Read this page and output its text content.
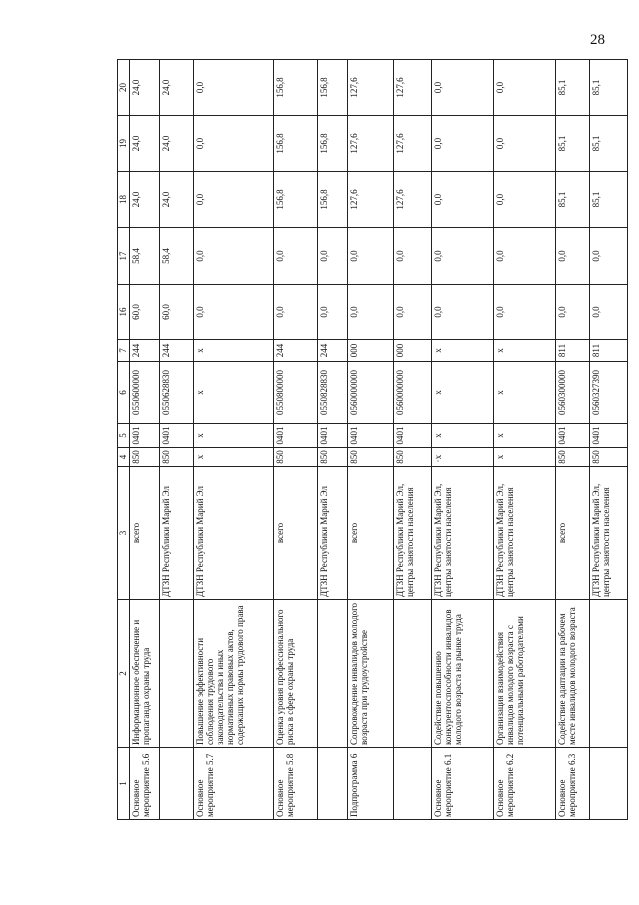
28
1	2	3	4	5	6	7	16	17	18	19	20
Основное мероприятие 5.6	Информационное обеспечение и пропаганда охраны труда	всего	850	0401	0550600000	244	60,0	58,4	24,0	24,0	24,0
		ДТЗН Республики Марий Эл	850	0401	0550628830	244	60,0	58,4	24,0	24,0	24,0
Основное мероприятие 5.7	Повышение эффективности соблюдения трудового законодательства и иных нормативных правовых актов, содержащих нормы трудового права	ДТЗН Республики Марий Эл	x	x	x	x	0,0	0,0	0,0	0,0	0,0
Основное мероприятие 5.8	Оценка уровня профессионального риска в сфере охраны труда	всего	850	0401	0550800000	244	0,0	0,0	156,8	156,8	156,8
		ДТЗН Республики Марий Эл	850	0401	0550828830	244	0,0	0,0	156,8	156,8	156,8
Подпрограмма 6	Сопровождение инвалидов молодого возраста при трудоустройстве	всего	850	0401	0560000000	000	0,0	0,0	127,6	127,6	127,6
		ДТЗН Республики Марий Эл, центры занятости населения	850	0401	0560000000	000	0,0	0,0	127,6	127,6	127,6
Основное мероприятие 6.1	Содействие повышению конкурентоспособности инвалидов молодого возраста на рынке труда	ДТЗН Республики Марий Эл, центры занятости населения	x	x	x	x	0,0	0,0	0,0	0,0	0,0
Основное мероприятие 6.2	Организация взаимодействия инвалидов молодого возраста с потенциальными работодателями	ДТЗН Республики Марий Эл, центры занятости населения	x	x	x	x	0,0	0,0	0,0	0,0	0,0
Основное мероприятие 6.3	Содействие адаптации на рабочем месте инвалидов молодого возраста	всего	850	0401	0560300000	811	0,0	0,0	85,1	85,1	85,1
		ДТЗН Республики Марий Эл, центры занятости населения	850	0401	0560327390	811	0,0	0,0	85,1	85,1	85,1
